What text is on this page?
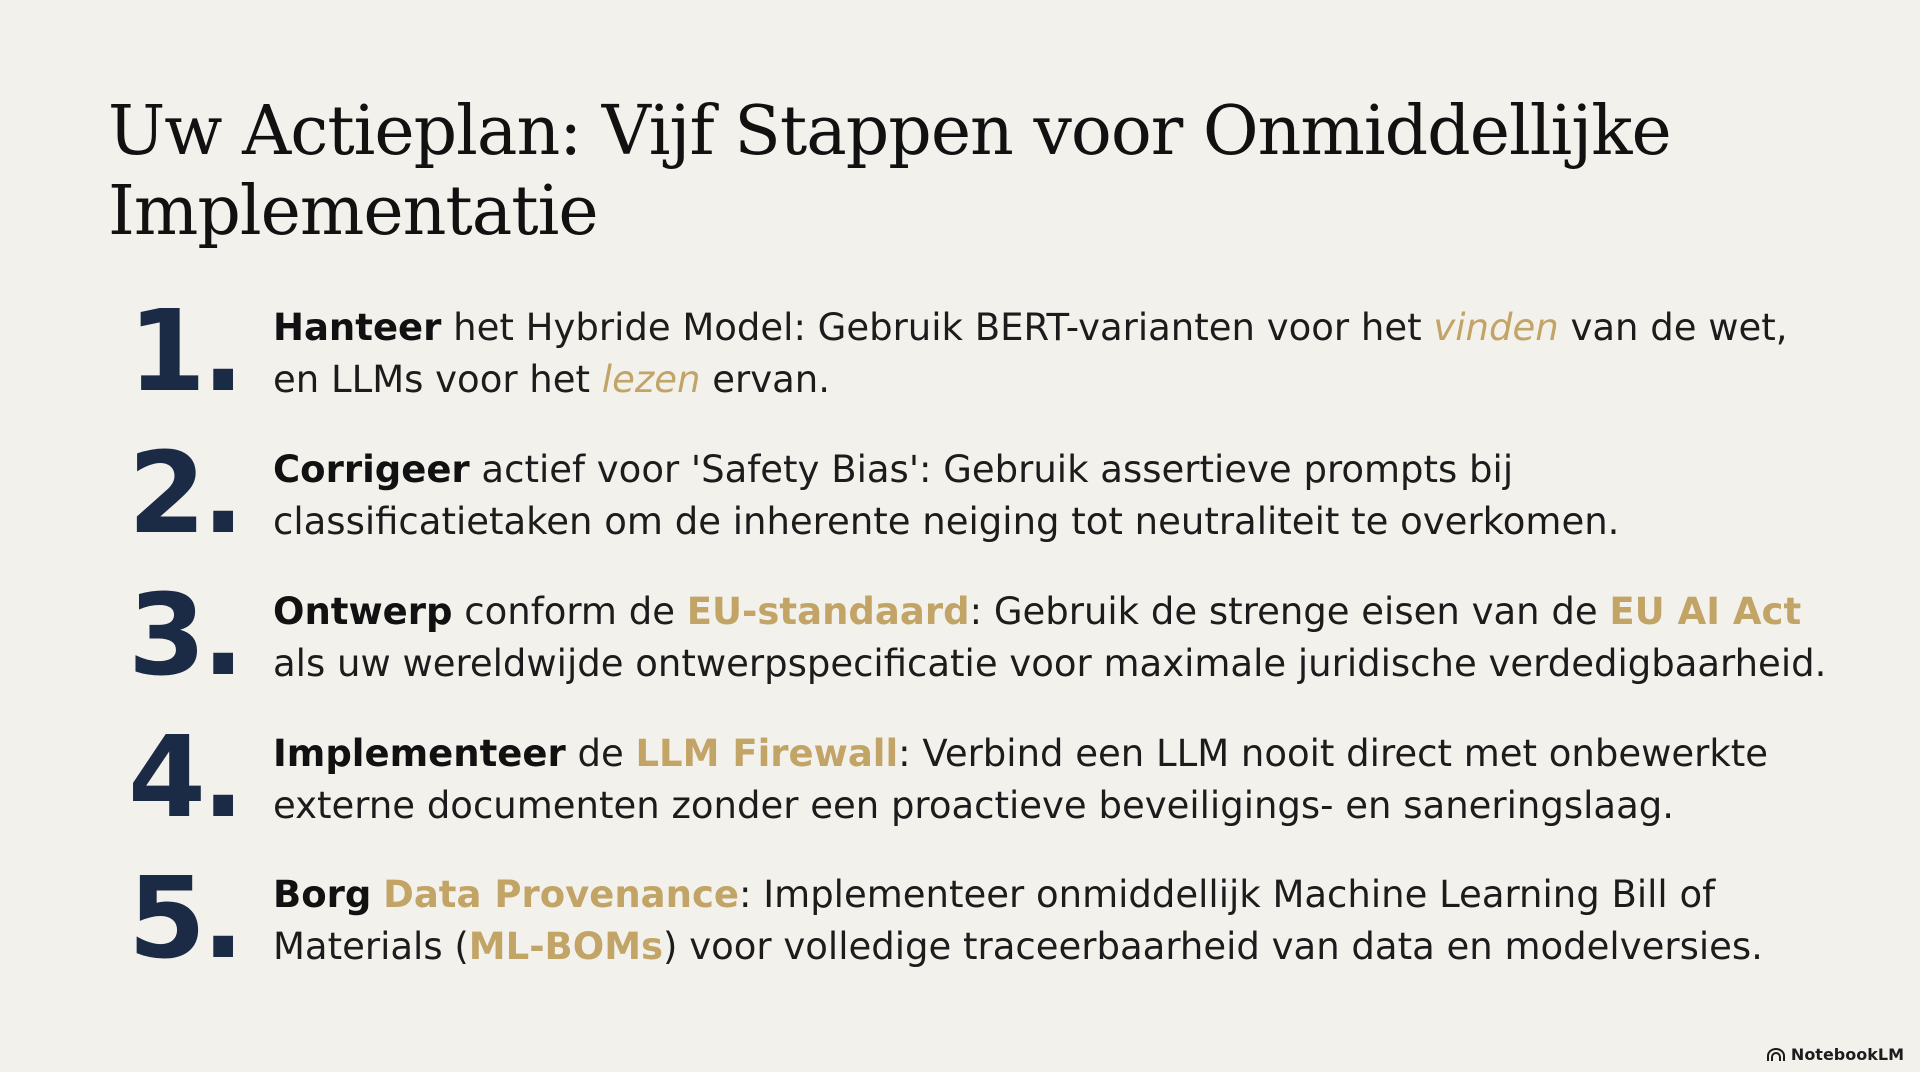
Uw Actieplan: Vijf Stappen voor Onmiddellijke Implementatie
1. Hanteer het Hybride Model: Gebruik BERT-varianten voor het vinden van de wet, en LLMs voor het lezen ervan.
2. Corrigeer actief voor 'Safety Bias': Gebruik assertieve prompts bij classificatietaken om de inherente neiging tot neutraliteit te overkomen.
3. Ontwerp conform de EU-standaard: Gebruik de strenge eisen van de EU AI Act als uw wereldwijde ontwerpspecificatie voor maximale juridische verdedigbaarheid.
4. Implementeer de LLM Firewall: Verbind een LLM nooit direct met onbewerkte externe documenten zonder een proactieve beveiligings- en saneringslaag.
5. Borg Data Provenance: Implementeer onmiddellijk Machine Learning Bill of Materials (ML-BOMs) voor volledige traceerbaarheid van data en modelversies.
NotebookLM
